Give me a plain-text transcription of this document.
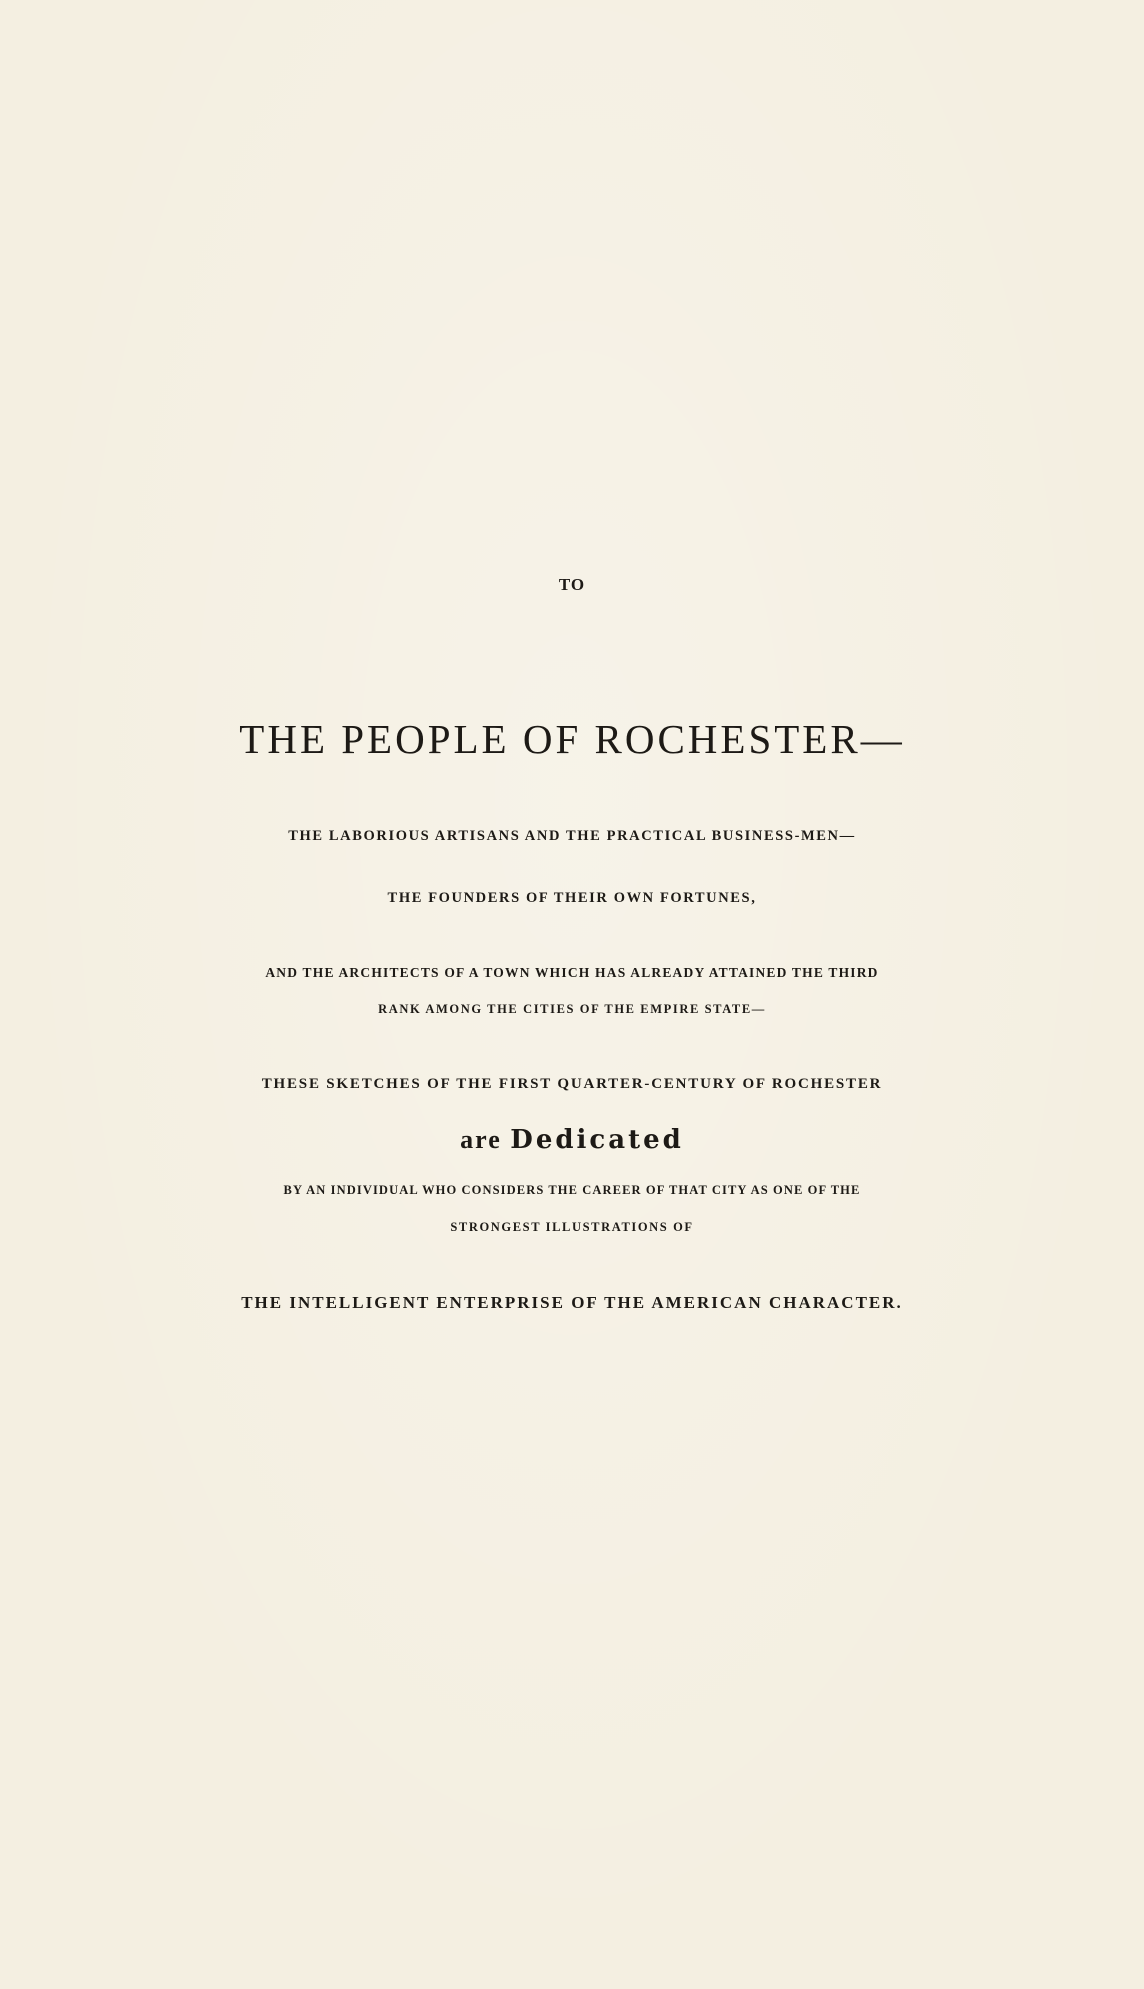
TO
THE PEOPLE OF ROCHESTER—
THE LABORIOUS ARTISANS AND THE PRACTICAL BUSINESS-MEN—
THE FOUNDERS OF THEIR OWN FORTUNES,
AND THE ARCHITECTS OF A TOWN WHICH HAS ALREADY ATTAINED THE THIRD
RANK AMONG THE CITIES OF THE EMPIRE STATE—
THESE SKETCHES OF THE FIRST QUARTER-CENTURY OF ROCHESTER
are Dedicated
BY AN INDIVIDUAL WHO CONSIDERS THE CAREER OF THAT CITY AS ONE OF THE
STRONGEST ILLUSTRATIONS OF
THE INTELLIGENT ENTERPRISE OF THE AMERICAN CHARACTER.
